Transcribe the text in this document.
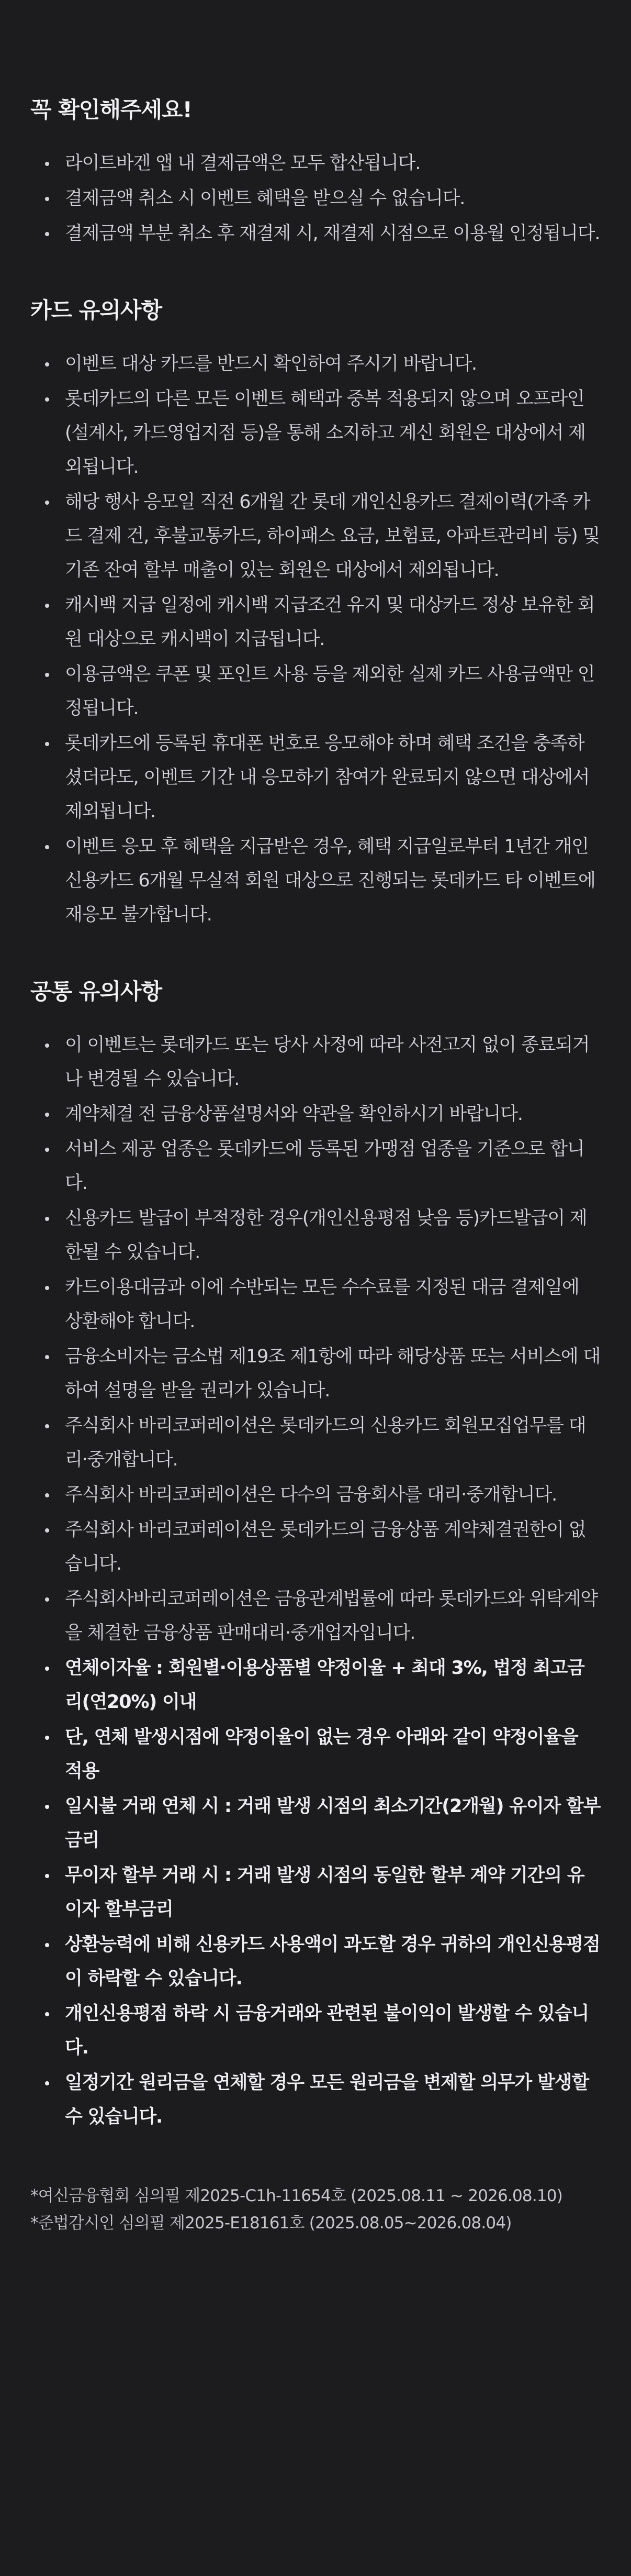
꼭 확인해주세요!
라이트바겐 앱 내 결제금액은 모두 합산됩니다.
결제금액 취소 시 이벤트 혜택을 받으실 수 없습니다.
결제금액 부분 취소 후 재결제 시, 재결제 시점으로 이용월 인정됩니다.
카드 유의사항
이벤트 대상 카드를 반드시 확인하여 주시기 바랍니다.
롯데카드의 다른 모든 이벤트 혜택과 중복 적용되지 않으며 오프라인(설계사, 카드영업지점 등)을 통해 소지하고 계신 회원은 대상에서 제외됩니다.
해당 행사 응모일 직전 6개월 간 롯데 개인신용카드 결제이력(가족 카드 결제 건, 후불교통카드, 하이패스 요금, 보험료, 아파트관리비 등) 및 기존 잔여 할부 매출이 있는 회원은 대상에서 제외됩니다.
캐시백 지급 일정에 캐시백 지급조건 유지 및 대상카드 정상 보유한 회원 대상으로 캐시백이 지급됩니다.
이용금액은 쿠폰 및 포인트 사용 등을 제외한 실제 카드 사용금액만 인정됩니다.
롯데카드에 등록된 휴대폰 번호로 응모해야 하며 혜택 조건을 충족하셨더라도, 이벤트 기간 내 응모하기 참여가 완료되지 않으면 대상에서 제외됩니다.
이벤트 응모 후 혜택을 지급받은 경우, 혜택 지급일로부터 1년간 개인 신용카드 6개월 무실적 회원 대상으로 진행되는 롯데카드 타 이벤트에 재응모 불가합니다.
공통 유의사항
이 이벤트는 롯데카드 또는 당사 사정에 따라 사전고지 없이 종료되거나 변경될 수 있습니다.
계약체결 전 금융상품설명서와 약관을 확인하시기 바랍니다.
서비스 제공 업종은 롯데카드에 등록된 가맹점 업종을 기준으로 합니다.
신용카드 발급이 부적정한 경우(개인신용평점 낮음 등)카드발급이 제한될 수 있습니다.
카드이용대금과 이에 수반되는 모든 수수료를 지정된 대금 결제일에 상환해야 합니다.
금융소비자는 금소법 제19조 제1항에 따라 해당상품 또는 서비스에 대하여 설명을 받을 권리가 있습니다.
주식회사 바리코퍼레이션은 롯데카드의 신용카드 회원모집업무를 대리·중개합니다.
주식회사 바리코퍼레이션은 다수의 금융회사를 대리·중개합니다.
주식회사 바리코퍼레이션은 롯데카드의 금융상품 계약체결권한이 없습니다.
주식회사바리코퍼레이션은 금융관계법률에 따라 롯데카드와 위탁계약을 체결한 금융상품 판매대리·중개업자입니다.
연체이자율 : 회원별·이용상품별 약정이율 + 최대 3%, 법정 최고금리(연20%) 이내
단, 연체 발생시점에 약정이율이 없는 경우 아래와 같이 약정이율을 적용
일시불 거래 연체 시 : 거래 발생 시점의 최소기간(2개월) 유이자 할부금리
무이자 할부 거래 시 : 거래 발생 시점의 동일한 할부 계약 기간의 유이자 할부금리
상환능력에 비해 신용카드 사용액이 과도할 경우 귀하의 개인신용평점이 하락할 수 있습니다.
개인신용평점 하락 시 금융거래와 관련된 불이익이 발생할 수 있습니다.
일정기간 원리금을 연체할 경우 모든 원리금을 변제할 의무가 발생할 수 있습니다.

*여신금융협회 심의필 제2025-C1h-11654호 (2025.08.11 ~ 2026.08.10)

*준법감시인 심의필 제2025-E18161호 (2025.08.05~2026.08.04)
